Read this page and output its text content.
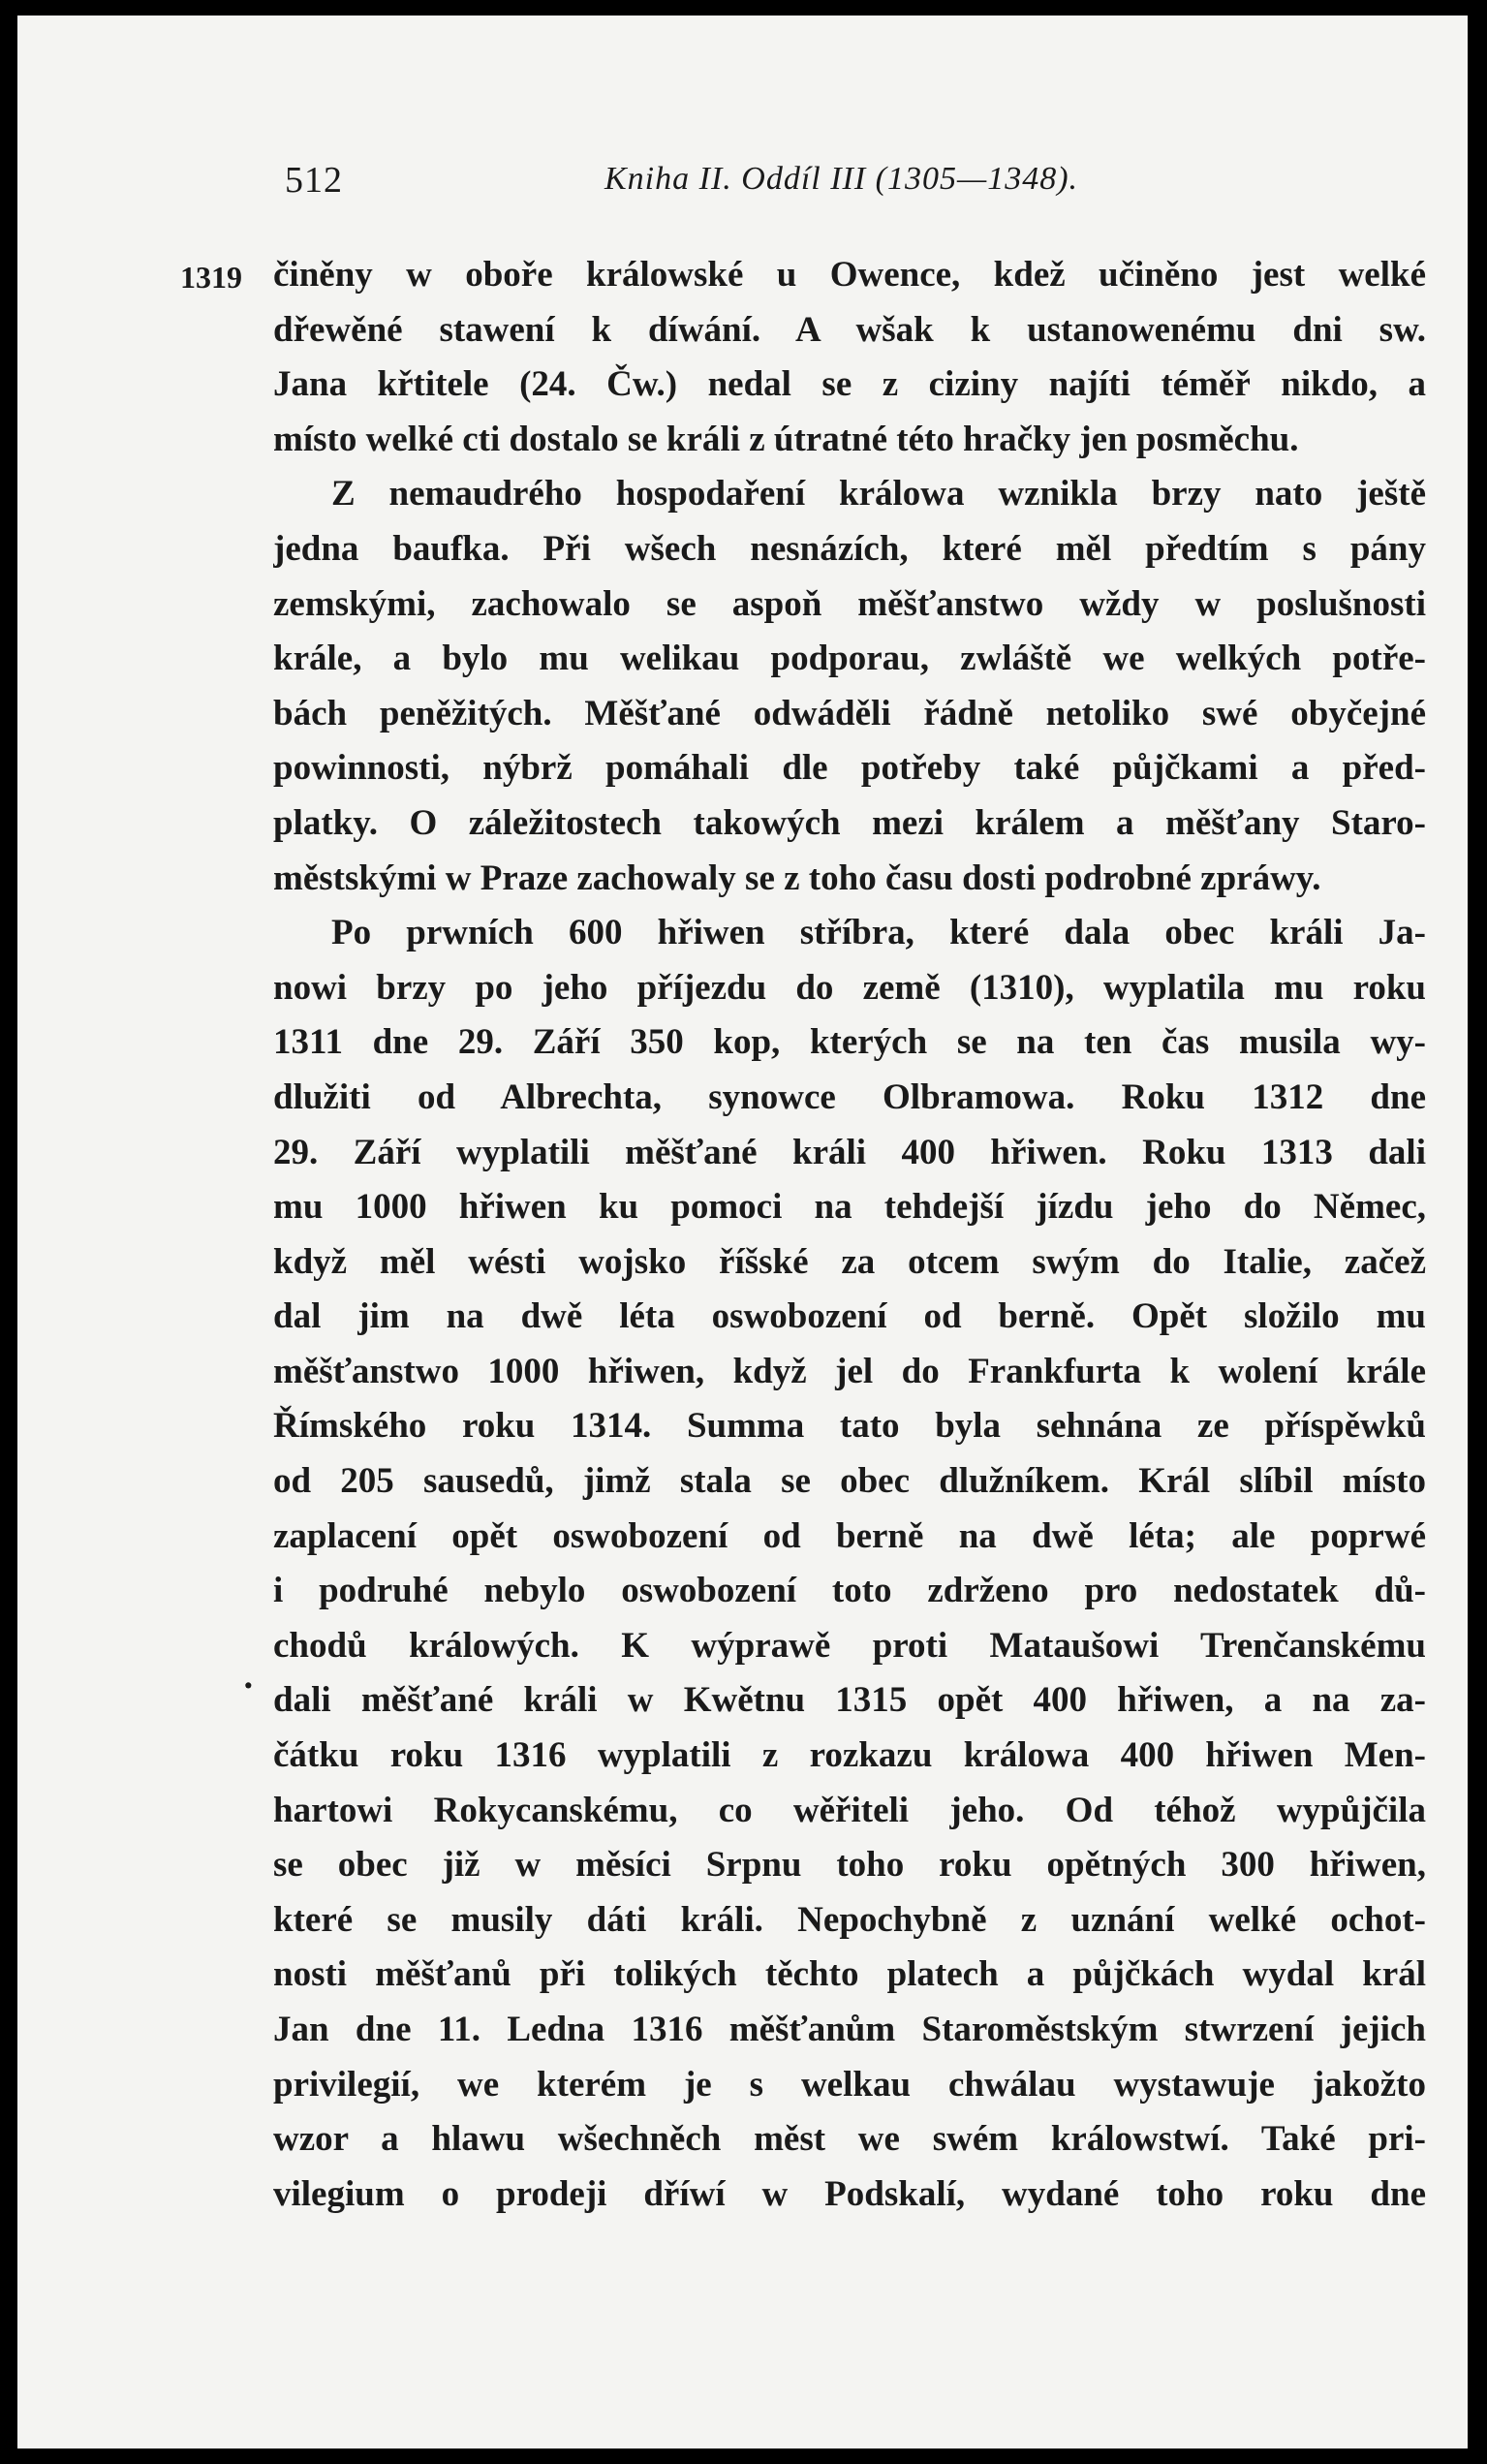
512	Kniha II. Oddíl III (1305—1348).
1319
·
činěny w oboře králowské u Owence, kdež učiněno jest welké
dřewěné stawení k díwání. A wšak k ustanowenému dni sw.
Jana křtitele (24. Čw.) nedal se z ciziny najíti téměř nikdo, a
místo welké cti dostalo se králi z útratné této hračky jen posměchu.
Z nemaudrého hospodaření králowa wznikla brzy nato ještě
jedna baufka. Při wšech nesnázích, které měl předtím s pány
zemskými, zachowalo se aspoň měšťanstwo wždy w poslušnosti
krále, a bylo mu welikau podporau, zwláště we welkých potře-
bách peněžitých. Měšťané odwáděli řádně netoliko swé obyčejné
powinnosti, nýbrž pomáhali dle potřeby také půjčkami a před-
platky. O záležitostech takowých mezi králem a měšťany Staro-
městskými w Praze zachowaly se z toho času dosti podrobné zpráwy.
Po prwních 600 hřiwen stříbra, které dala obec králi Ja-
nowi brzy po jeho příjezdu do země (1310), wyplatila mu roku
1311 dne 29. Září 350 kop, kterých se na ten čas musila wy-
dlužiti od Albrechta, synowce Olbramowa. Roku 1312 dne
29. Září wyplatili měšťané králi 400 hřiwen. Roku 1313 dali
mu 1000 hřiwen ku pomoci na tehdejší jízdu jeho do Němec,
když měl wésti wojsko říšské za otcem swým do Italie, začež
dal jim na dwě léta oswobození od berně. Opět složilo mu
měšťanstwo 1000 hřiwen, když jel do Frankfurta k wolení krále
Římského roku 1314. Summa tato byla sehnána ze příspěwků
od 205 sausedů, jimž stala se obec dlužníkem. Král slíbil místo
zaplacení opět oswobození od berně na dwě léta; ale poprwé
i podruhé nebylo oswobození toto zdrženo pro nedostatek dů-
chodů králowých. K wýprawě proti Mataušowi Trenčanskému
dali měšťané králi w Kwětnu 1315 opět 400 hřiwen, a na za-
čátku roku 1316 wyplatili z rozkazu králowa 400 hřiwen Men-
hartowi Rokycanskému, co wěřiteli jeho. Od téhož wypůjčila
se obec již w měsíci Srpnu toho roku opětných 300 hřiwen,
které se musily dáti králi. Nepochybně z uznání welké ochot-
nosti měšťanů při tolikých těchto platech a půjčkách wydal král
Jan dne 11. Ledna 1316 měšťanům Staroměstským stwrzení jejich
privilegií, we kterém je s welkau chwálau wystawuje jakožto
wzor a hlawu wšechněch měst we swém králowstwí. Také pri-
vilegium o prodeji dříwí w Podskalí, wydané toho roku dne
